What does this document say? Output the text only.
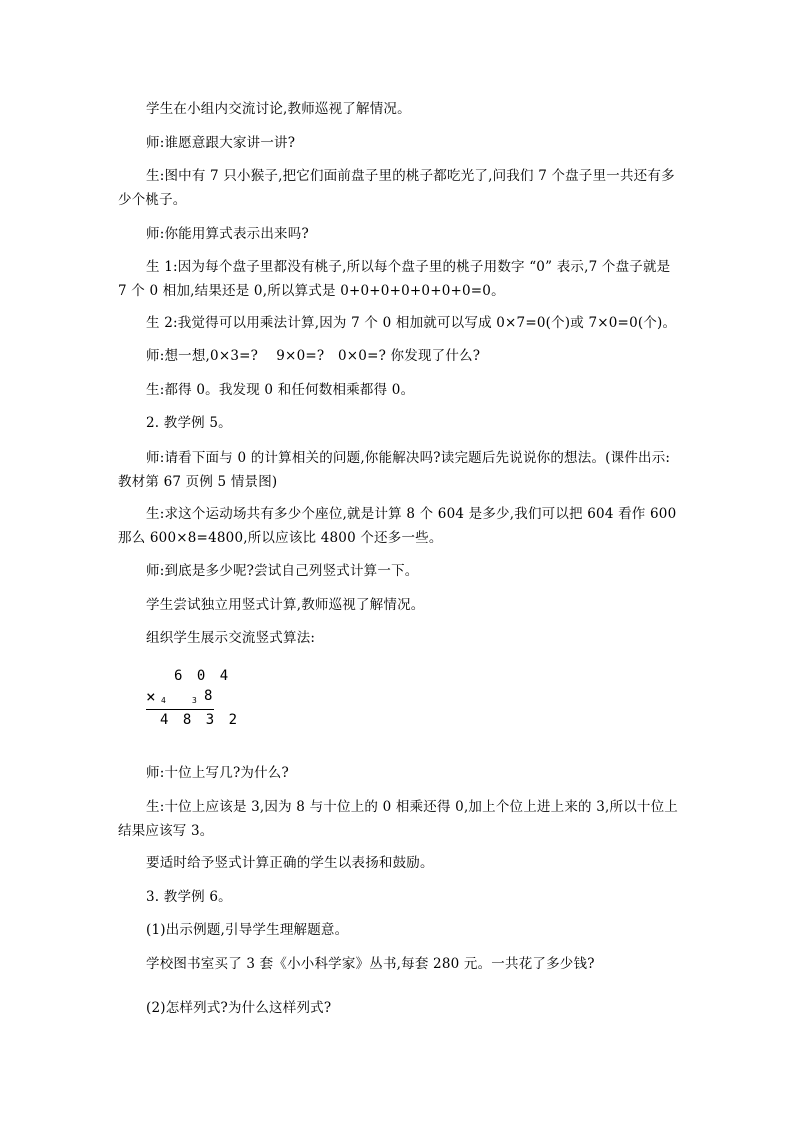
学生在小组内交流讨论,教师巡视了解情况。
师:谁愿意跟大家讲一讲?
生:图中有 7 只小猴子,把它们面前盘子里的桃子都吃光了,问我们 7 个盘子里一共还有多少个桃子。
师:你能用算式表示出来吗?
生 1:因为每个盘子里都没有桃子,所以每个盘子里的桃子用数字 “0” 表示,7 个盘子就是 7 个 0 相加,结果还是 0,所以算式是 0+0+0+0+0+0+0=0。
生 2:我觉得可以用乘法计算,因为 7 个 0 相加就可以写成 0×7=0(个)或 7×0=0(个)。
师:想一想,0×3=?　 9×0=?　0×0=? 你发现了什么?
生:都得 0。我发现 0 和任何数相乘都得 0。
2. 教学例 5。
师:请看下面与 0 的计算相关的问题,你能解决吗?读完题后先说说你的想法。(课件出示:教材第 67 页例 5 情景图)
生:求这个运动场共有多少个座位,就是计算 8 个 604 是多少,我们可以把 604 看作 600那么 600×8=4800,所以应该比 4800 个还多一些。
师:到底是多少呢?尝试自己列竖式计算一下。
学生尝试独立用竖式计算,教师巡视了解情况。
组织学生展示交流竖式算法:
6 0 4
× 4	3 8
4 8 3 2
师:十位上写几?为什么?
生:十位上应该是 3,因为 8 与十位上的 0 相乘还得 0,加上个位上进上来的 3,所以十位上结果应该写 3。
要适时给予竖式计算正确的学生以表扬和鼓励。
3. 教学例 6。
(1)出示例题,引导学生理解题意。
学校图书室买了 3 套《小小科学家》丛书,每套 280 元。一共花了多少钱?
(2)怎样列式?为什么这样列式?
